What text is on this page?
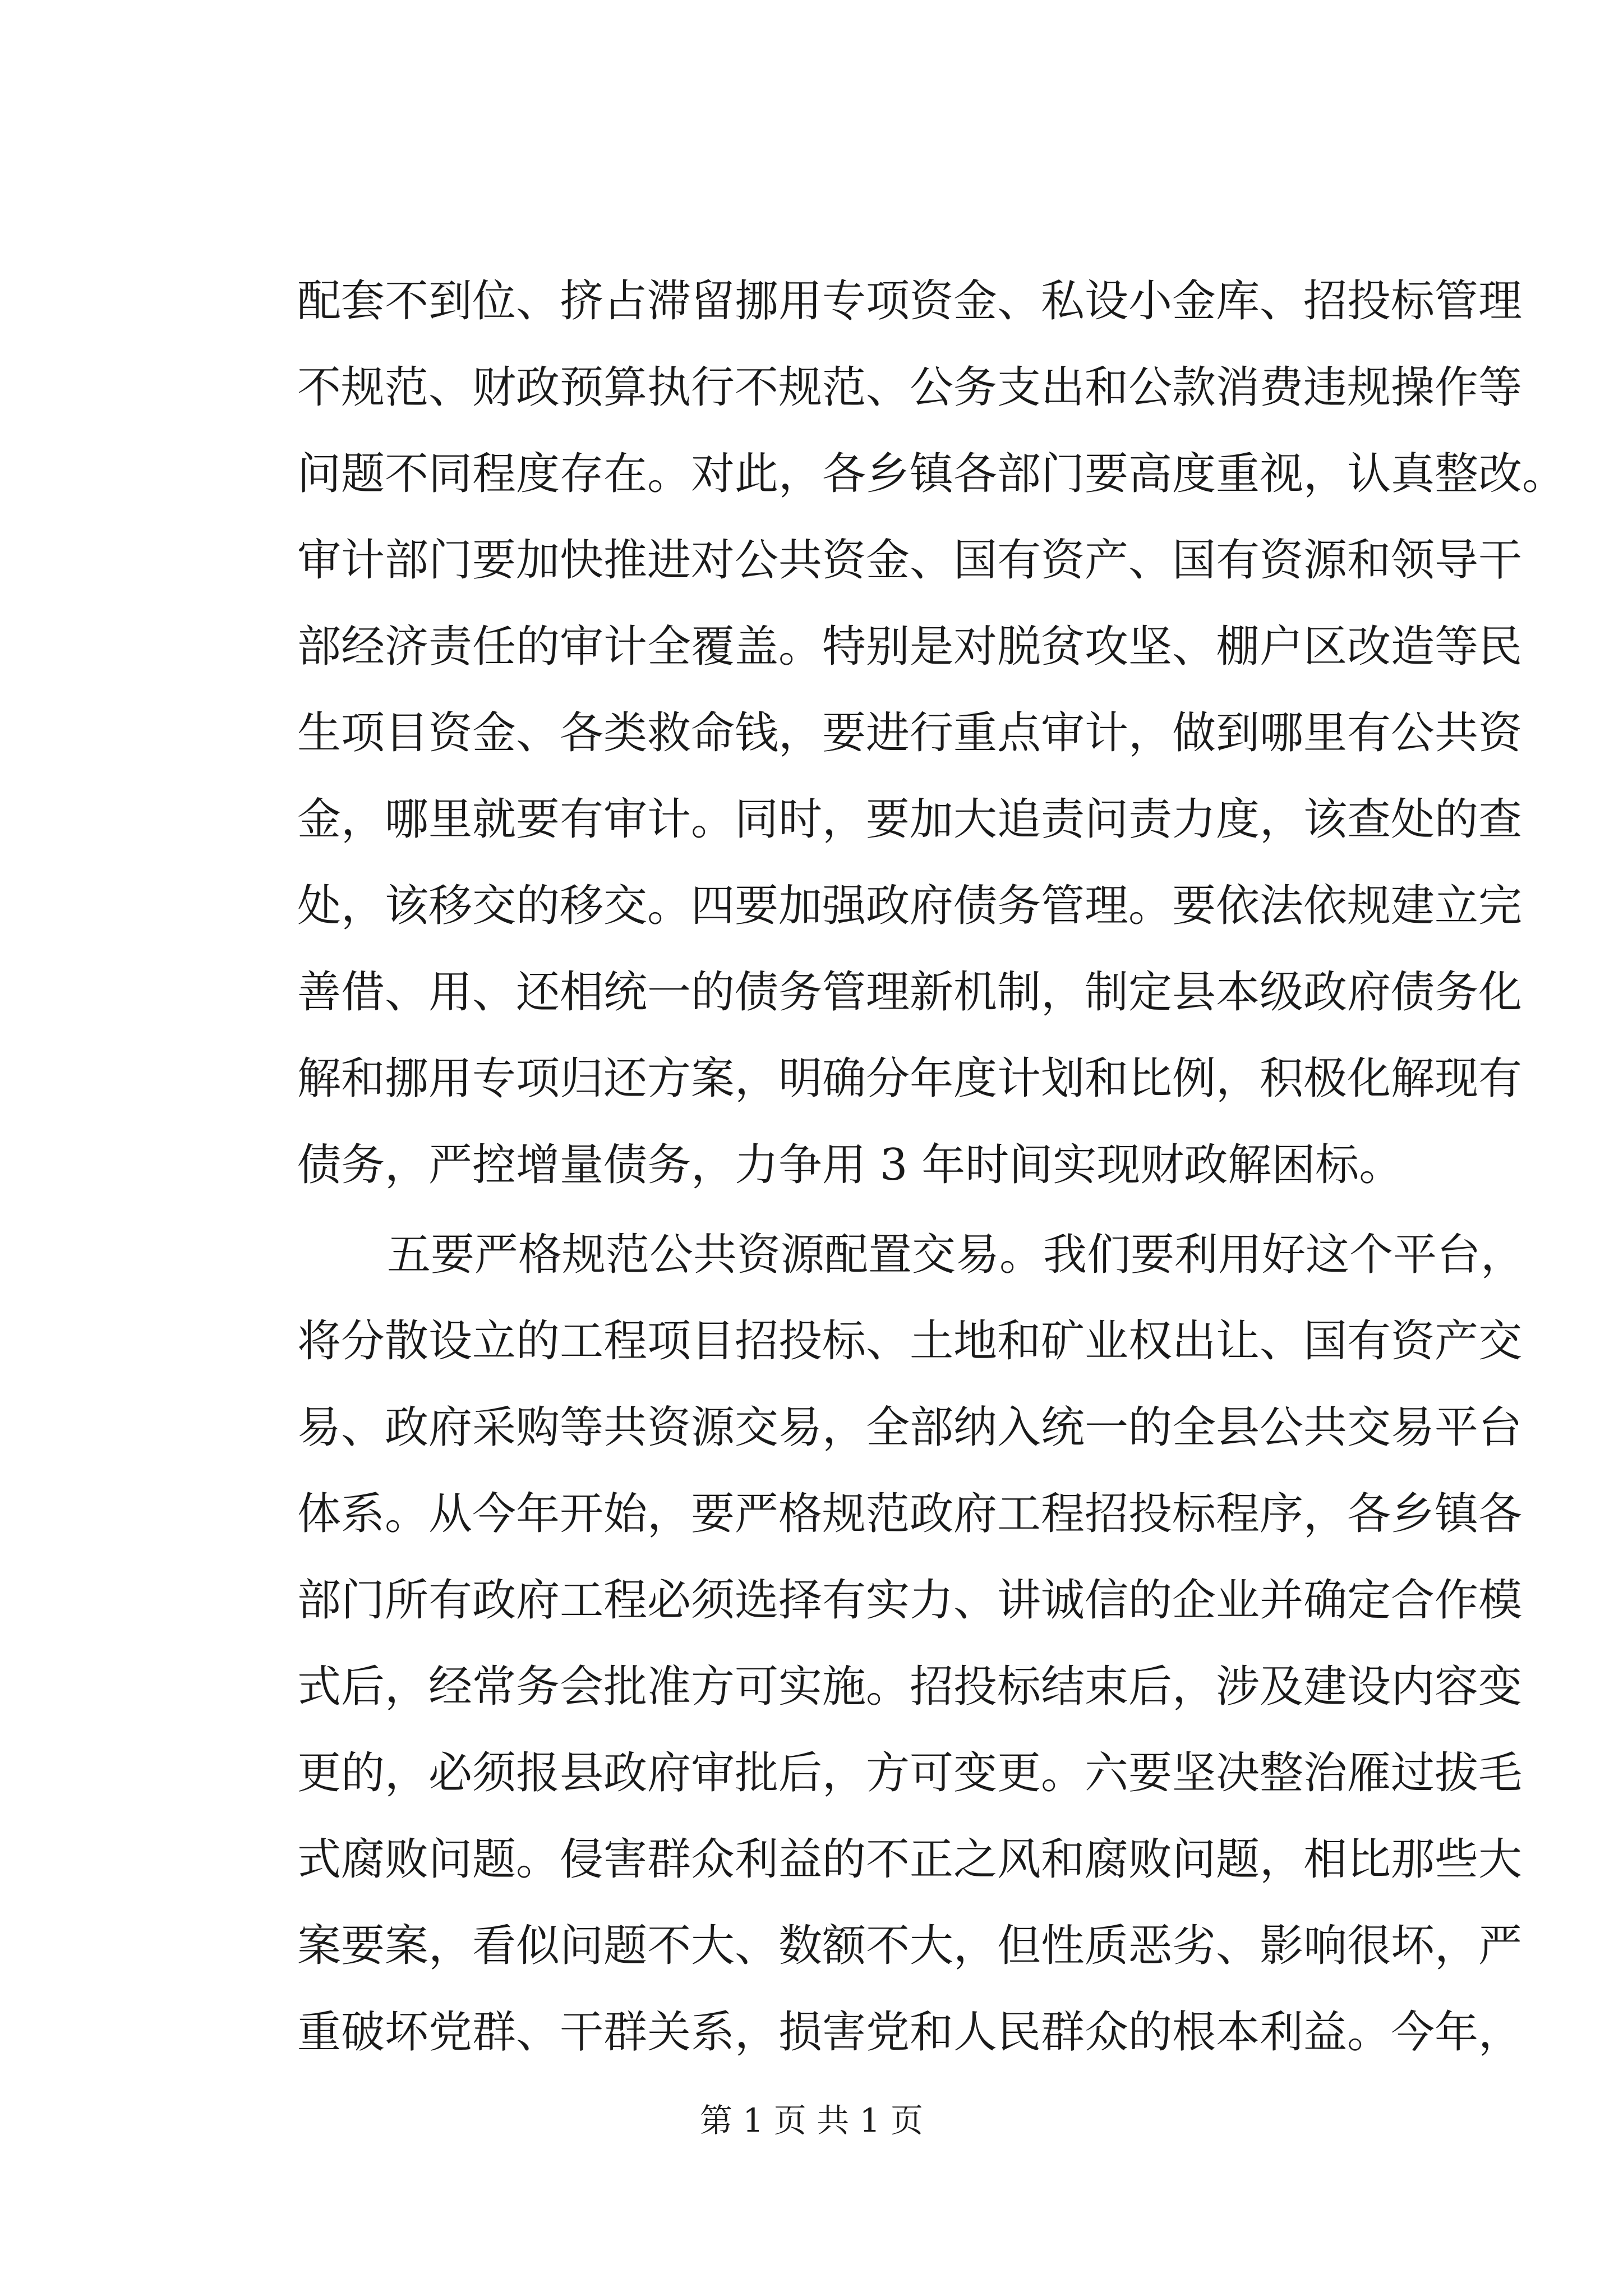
配套不到位、挤占滞留挪用专项资金、私设小金库、招投标管理
不规范、财政预算执行不规范、公务支出和公款消费违规操作等
问题不同程度存在。对此，各乡镇各部门要高度重视，认真整改。
审计部门要加快推进对公共资金、国有资产、国有资源和领导干
部经济责任的审计全覆盖。特别是对脱贫攻坚、棚户区改造等民
生项目资金、各类救命钱，要进行重点审计，做到哪里有公共资
金，哪里就要有审计。同时，要加大追责问责力度，该查处的查
处，该移交的移交。四要加强政府债务管理。要依法依规建立完
善借、用、还相统一的债务管理新机制，制定县本级政府债务化
解和挪用专项归还方案，明确分年度计划和比例，积极化解现有
债务，严控增量债务，力争用 3 年时间实现财政解困标。
五要严格规范公共资源配置交易。我们要利用好这个平台，
将分散设立的工程项目招投标、土地和矿业权出让、国有资产交
易、政府采购等共资源交易，全部纳入统一的全县公共交易平台
体系。从今年开始，要严格规范政府工程招投标程序，各乡镇各
部门所有政府工程必须选择有实力、讲诚信的企业并确定合作模
式后，经常务会批准方可实施。招投标结束后，涉及建设内容变
更的，必须报县政府审批后，方可变更。六要坚决整治雁过拔毛
式腐败问题。侵害群众利益的不正之风和腐败问题，相比那些大
案要案，看似问题不大、数额不大，但性质恶劣、影响很坏，严
重破坏党群、干群关系，损害党和人民群众的根本利益。今年，
第 1 页 共 1 页
